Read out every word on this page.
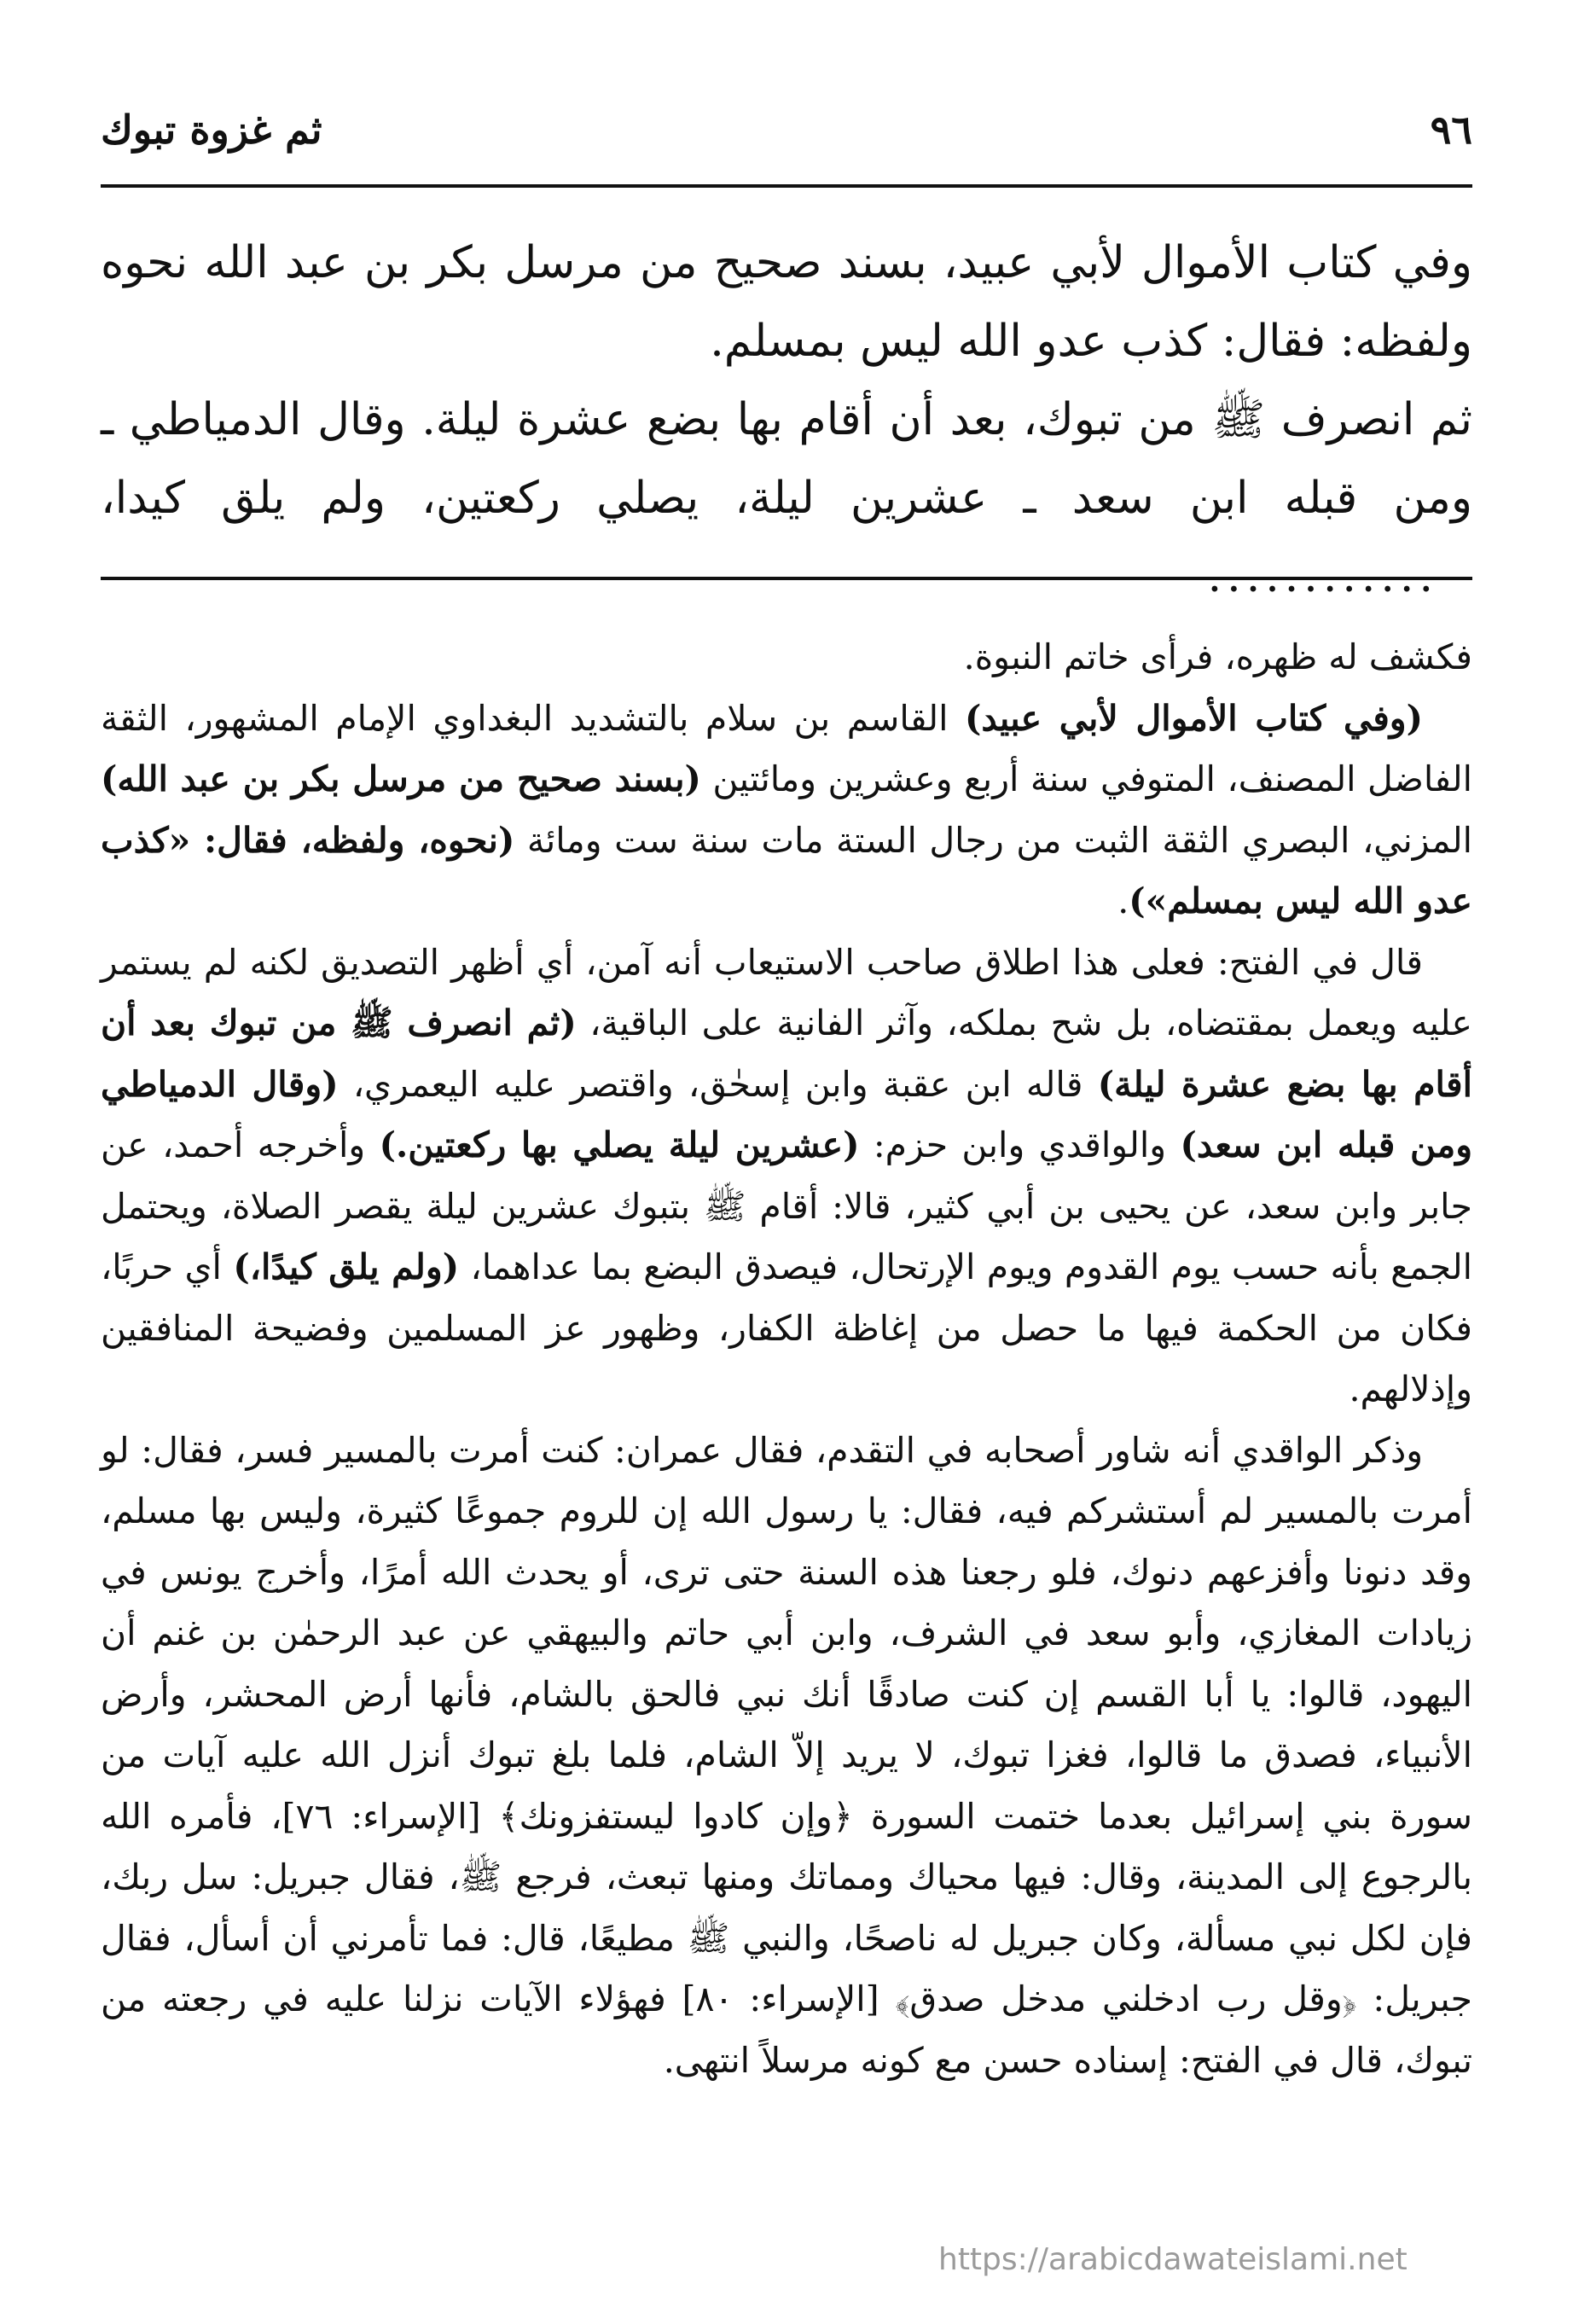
٩٦
ثم غزوة تبوك

وفي كتاب الأموال لأبي عبيد، بسند صحيح من مرسل بكر بن عبد الله نحوه ولفظه: فقال: كذب عدو الله ليس بمسلم.

ثم انصرف ﷺ من تبوك، بعد أن أقام بها بضع عشرة ليلة. وقال الدمياطي ـ ومن قبله ابن سعد ـ عشرين ليلة، يصلي ركعتين، ولم يلق كيدا، ............

فكشف له ظهره، فرأى خاتم النبوة.

(وفي كتاب الأموال لأبي عبيد) القاسم بن سلام بالتشديد البغداوي الإمام المشهور، الثقة الفاضل المصنف، المتوفي سنة أربع وعشرين ومائتين (بسند صحيح من مرسل بكر بن عبد الله) المزني، البصري الثقة الثبت من رجال الستة مات سنة ست ومائة (نحوه، ولفظه، فقال: «كذب عدو الله ليس بمسلم»).

قال في الفتح: فعلى هذا اطلاق صاحب الاستيعاب أنه آمن، أي أظهر التصديق لكنه لم يستمر عليه ويعمل بمقتضاه، بل شح بملكه، وآثر الفانية على الباقية، (ثم انصرف ﷺ من تبوك بعد أن أقام بها بضع عشرة ليلة) قاله ابن عقبة وابن إسحٰق، واقتصر عليه اليعمري، (وقال الدمياطي ومن قبله ابن سعد) والواقدي وابن حزم: (عشرين ليلة يصلي بها ركعتين.) وأخرجه أحمد، عن جابر وابن سعد، عن يحيى بن أبي كثير، قالا: أقام ﷺ بتبوك عشرين ليلة يقصر الصلاة، ويحتمل الجمع بأنه حسب يوم القدوم ويوم الإرتحال، فيصدق البضع بما عداهما، (ولم يلق كيدًا،) أي حربًا، فكان من الحكمة فيها ما حصل من إغاظة الكفار، وظهور عز المسلمين وفضيحة المنافقين وإذلالهم.

وذكر الواقدي أنه شاور أصحابه في التقدم، فقال عمران: كنت أمرت بالمسير فسر، فقال: لو أمرت بالمسير لم أستشركم فيه، فقال: يا رسول الله إن للروم جموعًا كثيرة، وليس بها مسلم، وقد دنونا وأفزعهم دنوك، فلو رجعنا هذه السنة حتى ترى، أو يحدث الله أمرًا، وأخرج يونس في زيادات المغازي، وأبو سعد في الشرف، وابن أبي حاتم والبيهقي عن عبد الرحمٰن بن غنم أن اليهود، قالوا: يا أبا القسم إن كنت صادقًا أنك نبي فالحق بالشام، فأنها أرض المحشر، وأرض الأنبياء، فصدق ما قالوا، فغزا تبوك، لا يريد إلاّ الشام، فلما بلغ تبوك أنزل الله عليه آيات من سورة بني إسرائيل بعدما ختمت السورة ﴿وإن كادوا ليستفزونك﴾ [الإسراء: ٧٦]، فأمره الله بالرجوع إلى المدينة، وقال: فيها محياك ومماتك ومنها تبعث، فرجع ﷺ، فقال جبريل: سل ربك، فإن لكل نبي مسألة، وكان جبريل له ناصحًا، والنبي ﷺ مطيعًا، قال: فما تأمرني أن أسأل، فقال جبريل: ﴿وقل رب ادخلني مدخل صدق﴾ [الإسراء: ٨٠] فهؤلاء الآيات نزلنا عليه في رجعته من تبوك، قال في الفتح: إسناده حسن مع كونه مرسلاً انتهى.

https://arabicdawateislami.net
